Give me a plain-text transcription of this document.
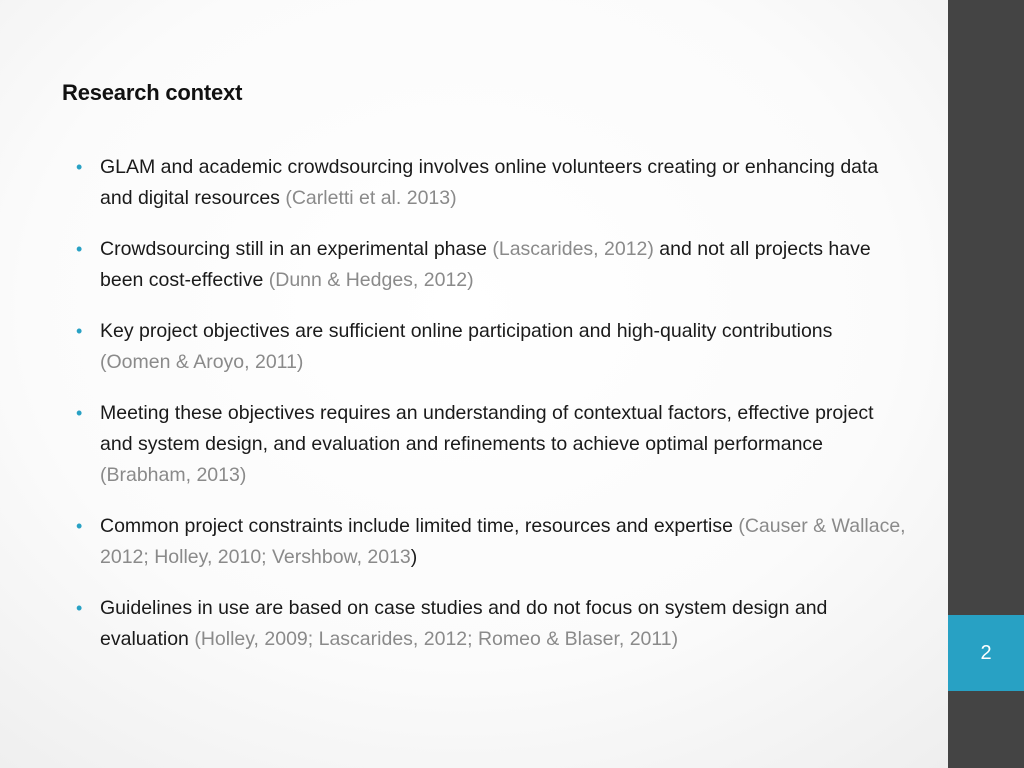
2
Research context
• GLAM and academic crowdsourcing involves online volunteers creating or enhancing data and digital resources (Carletti et al. 2013)
• Crowdsourcing still in an experimental phase (Lascarides, 2012) and not all projects have been cost-effective (Dunn & Hedges, 2012)
• Key project objectives are sufficient online participation and high-quality contributions (Oomen & Aroyo, 2011)
• Meeting these objectives requires an understanding of contextual factors, effective project and system design, and evaluation and refinements to achieve optimal performance (Brabham, 2013)
• Common project constraints include limited time, resources and expertise (Causer & Wallace, 2012; Holley, 2010; Vershbow, 2013)
• Guidelines in use are based on case studies and do not focus on system design and evaluation (Holley, 2009; Lascarides, 2012; Romeo & Blaser, 2011)
